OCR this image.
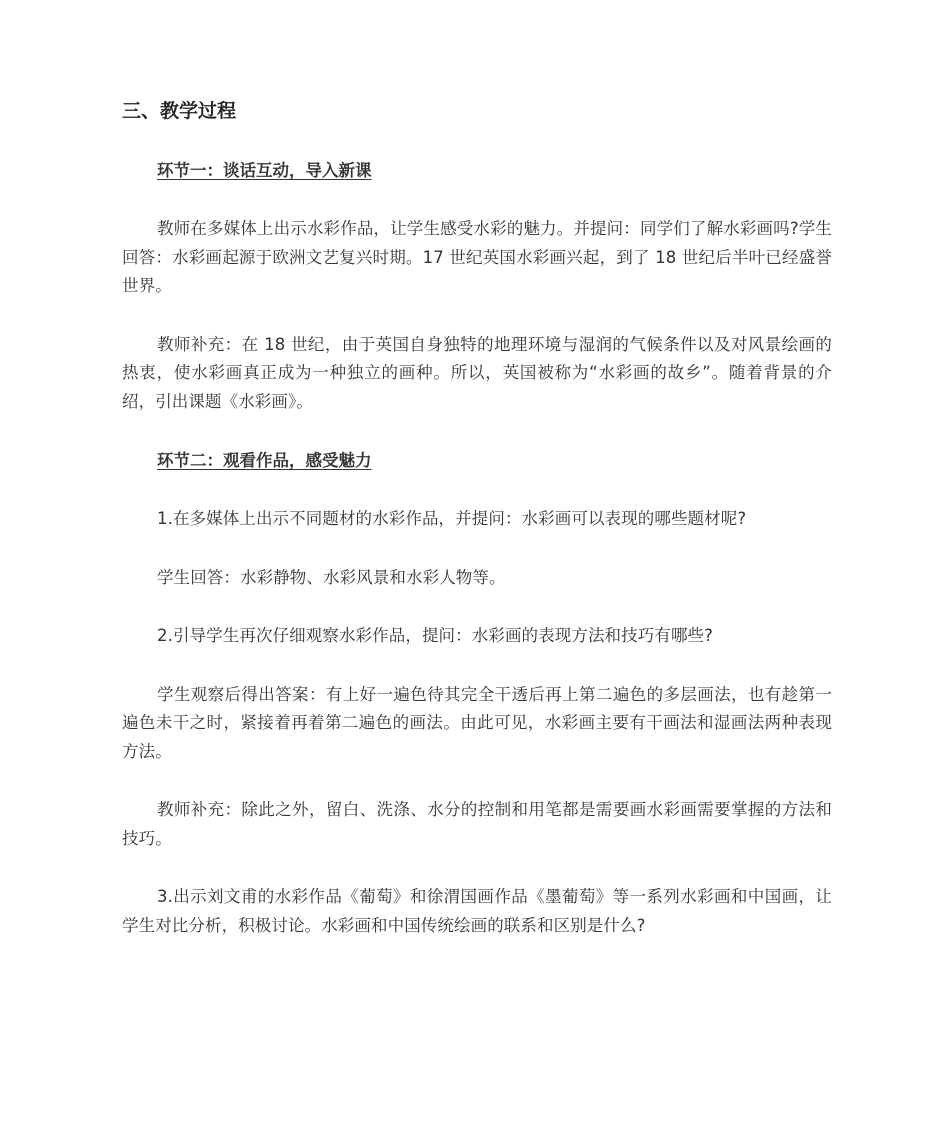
三、教学过程
环节一：谈话互动，导入新课

教师在多媒体上出示水彩作品，让学生感受水彩的魅力。并提问：同学们了解水彩画吗?学生回答：水彩画起源于欧洲文艺复兴时期。17 世纪英国水彩画兴起，到了 18 世纪后半叶已经盛誉世界。

教师补充：在 18 世纪，由于英国自身独特的地理环境与湿润的气候条件以及对风景绘画的热衷，使水彩画真正成为一种独立的画种。所以，英国被称为“水彩画的故乡”。随着背景的介绍，引出课题《水彩画》。

环节二：观看作品，感受魅力

1.在多媒体上出示不同题材的水彩作品，并提问：水彩画可以表现的哪些题材呢?

学生回答：水彩静物、水彩风景和水彩人物等。

2.引导学生再次仔细观察水彩作品，提问：水彩画的表现方法和技巧有哪些?

学生观察后得出答案：有上好一遍色待其完全干透后再上第二遍色的多层画法，也有趁第一遍色未干之时，紧接着再着第二遍色的画法。由此可见，水彩画主要有干画法和湿画法两种表现方法。

教师补充：除此之外，留白、洗涤、水分的控制和用笔都是需要画水彩画需要掌握的方法和技巧。

3.出示刘文甫的水彩作品《葡萄》和徐渭国画作品《墨葡萄》等一系列水彩画和中国画，让学生对比分析，积极讨论。水彩画和中国传统绘画的联系和区别是什么?
